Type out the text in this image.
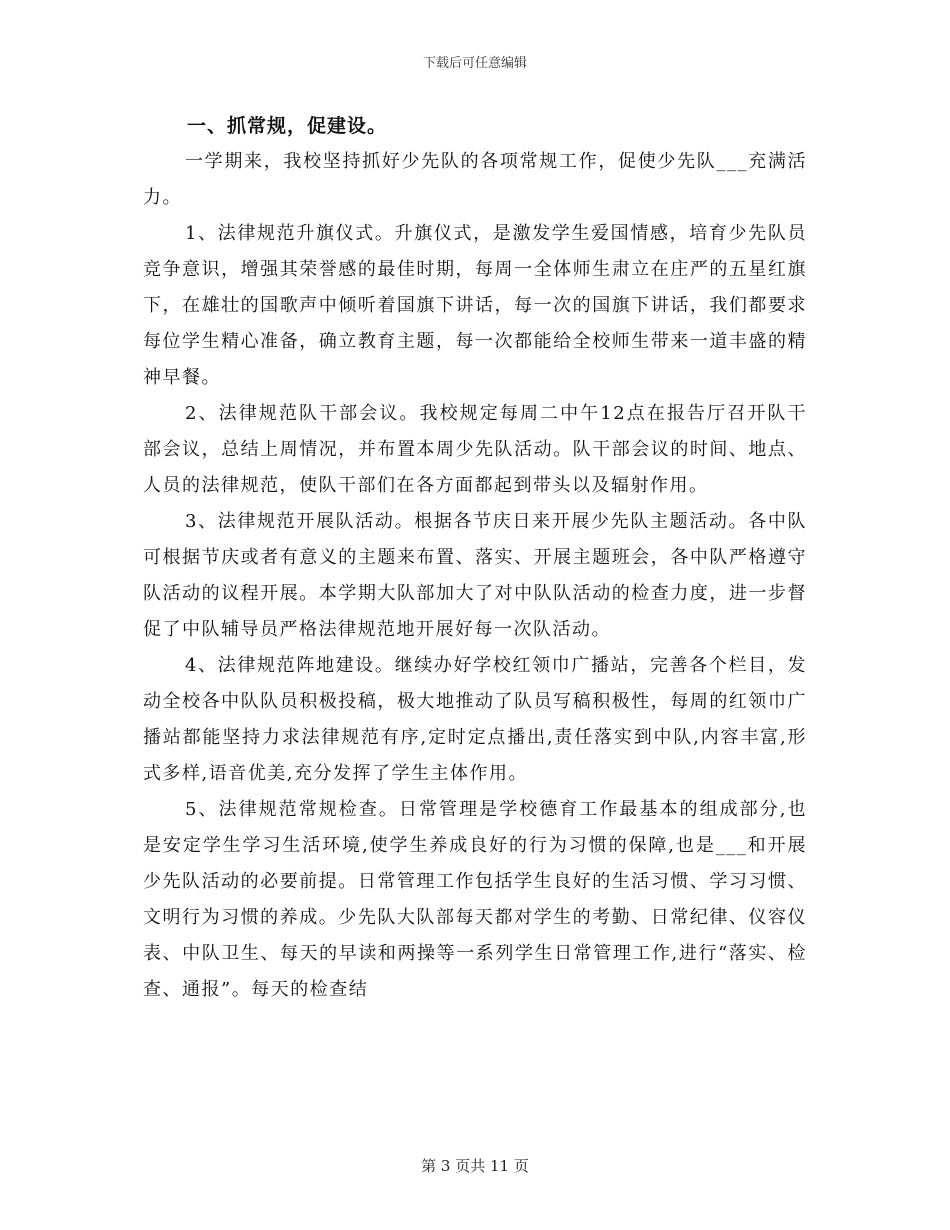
下载后可任意编辑
一、抓常规，促建设。

一学期来，我校坚持抓好少先队的各项常规工作，促使少先队___充满活力。

1、法律规范升旗仪式。升旗仪式，是激发学生爱国情感，培育少先队员竞争意识，增强其荣誉感的最佳时期，每周一全体师生肃立在庄严的五星红旗下，在雄壮的国歌声中倾听着国旗下讲话，每一次的国旗下讲话，我们都要求每位学生精心准备，确立教育主题，每一次都能给全校师生带来一道丰盛的精神早餐。

2、法律规范队干部会议。我校规定每周二中午12点在报告厅召开队干部会议，总结上周情况，并布置本周少先队活动。队干部会议的时间、地点、人员的法律规范，使队干部们在各方面都起到带头以及辐射作用。

3、法律规范开展队活动。根据各节庆日来开展少先队主题活动。各中队可根据节庆或者有意义的主题来布置、落实、开展主题班会，各中队严格遵守队活动的议程开展。本学期大队部加大了对中队队活动的检查力度，进一步督促了中队辅导员严格法律规范地开展好每一次队活动。

4、法律规范阵地建设。继续办好学校红领巾广播站，完善各个栏目，发动全校各中队队员积极投稿，极大地推动了队员写稿积极性，每周的红领巾广播站都能坚持力求法律规范有序,定时定点播出,责任落实到中队,内容丰富,形式多样,语音优美,充分发挥了学生主体作用。

5、法律规范常规检查。日常管理是学校德育工作最基本的组成部分,也是安定学生学习生活环境,使学生养成良好的行为习惯的保障,也是___和开展少先队活动的必要前提。日常管理工作包括学生良好的生活习惯、学习习惯、文明行为习惯的养成。少先队大队部每天都对学生的考勤、日常纪律、仪容仪表、中队卫生、每天的早读和两操等一系列学生日常管理工作,进行“落实、检查、通报”。每天的检查结

第 3 页共 11 页
